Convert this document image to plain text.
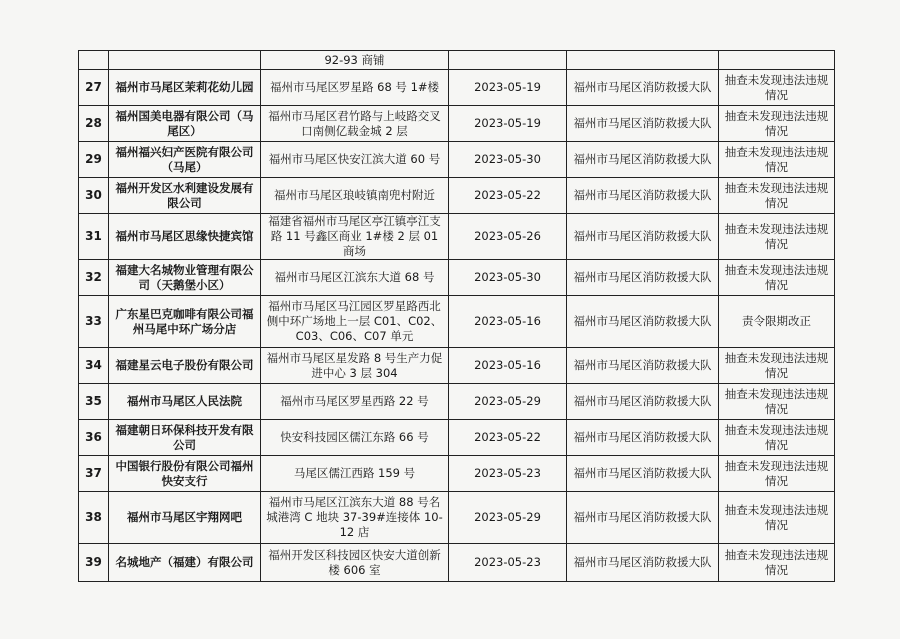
		92-93 商铺			
27	福州市马尾区茉莉花幼儿园	福州市马尾区罗星路 68 号 1#楼	2023-05-19	福州市马尾区消防救援大队	抽查未发现违法违规情况
28	福州国美电器有限公司（马尾区）	福州市马尾区君竹路与上岐路交叉口南侧亿载金城 2 层	2023-05-19	福州市马尾区消防救援大队	抽查未发现违法违规情况
29	福州福兴妇产医院有限公司（马尾）	福州市马尾区快安江滨大道 60 号	2023-05-30	福州市马尾区消防救援大队	抽查未发现违法违规情况
30	福州开发区水利建设发展有限公司	福州市马尾区琅岐镇南兜村附近	2023-05-22	福州市马尾区消防救援大队	抽查未发现违法违规情况
31	福州市马尾区思缘快捷宾馆	福建省福州市马尾区亭江镇亭江支路 11 号鑫区商业 1#楼 2 层 01 商场	2023-05-26	福州市马尾区消防救援大队	抽查未发现违法违规情况
32	福建大名城物业管理有限公司（天鹅堡小区）	福州市马尾区江滨东大道 68 号	2023-05-30	福州市马尾区消防救援大队	抽查未发现违法违规情况
33	广东星巴克咖啡有限公司福州马尾中环广场分店	福州市马尾区马江园区罗星路西北侧中环广场地上一层 C01、C02、C03、C06、C07 单元	2023-05-16	福州市马尾区消防救援大队	责令限期改正
34	福建星云电子股份有限公司	福州市马尾区星发路 8 号生产力促进中心 3 层 304	2023-05-16	福州市马尾区消防救援大队	抽查未发现违法违规情况
35	福州市马尾区人民法院	福州市马尾区罗星西路 22 号	2023-05-29	福州市马尾区消防救援大队	抽查未发现违法违规情况
36	福建朝日环保科技开发有限公司	快安科技园区儒江东路 66 号	2023-05-22	福州市马尾区消防救援大队	抽查未发现违法违规情况
37	中国银行股份有限公司福州快安支行	马尾区儒江西路 159 号	2023-05-23	福州市马尾区消防救援大队	抽查未发现违法违规情况
38	福州市马尾区宇翔网吧	福州市马尾区江滨东大道 88 号名城港湾 C 地块 37-39#连接体 10-12 店	2023-05-29	福州市马尾区消防救援大队	抽查未发现违法违规情况
39	名城地产（福建）有限公司	福州开发区科技园区快安大道创新楼 606 室	2023-05-23	福州市马尾区消防救援大队	抽查未发现违法违规情况
